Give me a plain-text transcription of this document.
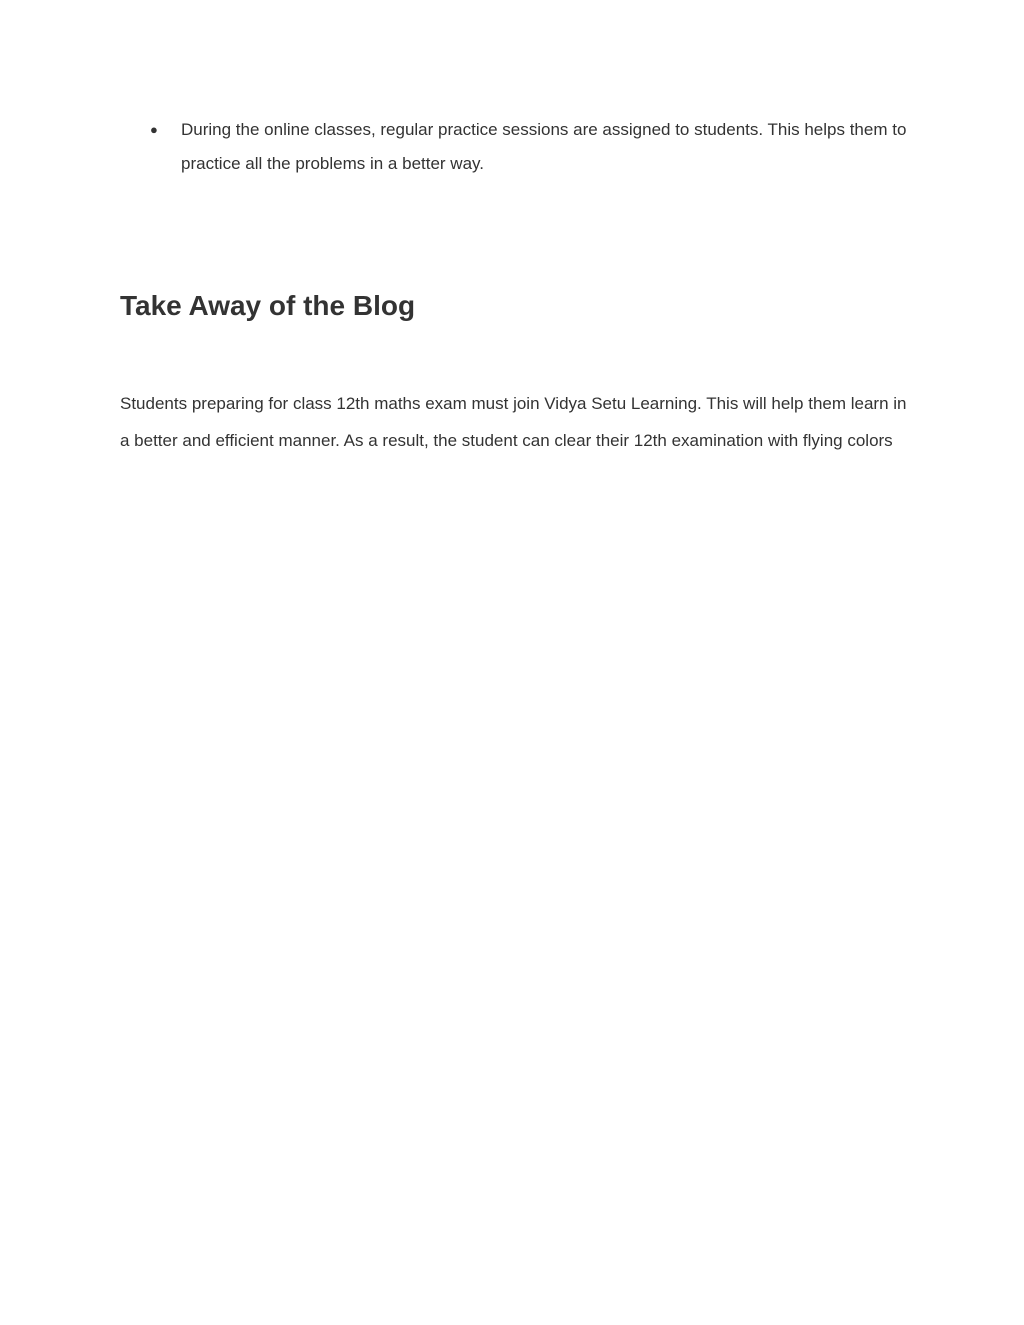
● During the online classes, regular practice sessions are assigned to students. This helps them to practice all the problems in a better way.
Take Away of the Blog

Students preparing for class 12th maths exam must join Vidya Setu Learning. This will help them learn in a better and efficient manner. As a result, the student can clear their 12th examination with flying colors
